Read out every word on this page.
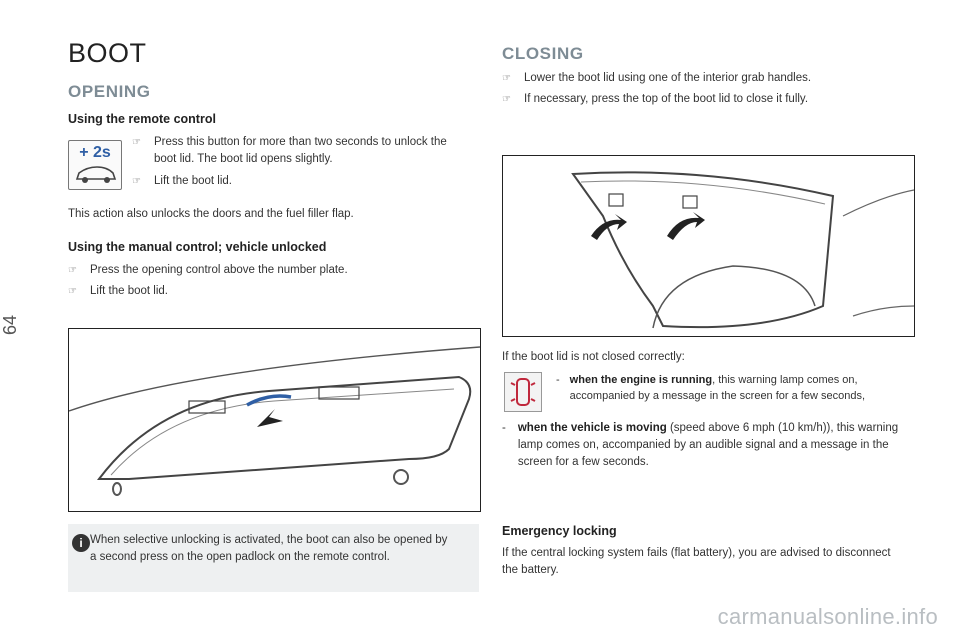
64
BOOT
OPENING
Using the remote control
+ 2s
☞ Press this button for more than two seconds to unlock the boot lid. The boot lid opens slightly.
☞ Lift the boot lid.
This action also unlocks the doors and the fuel filler flap.
Using the manual control; vehicle unlocked
☞ Press the opening control above the number plate.
☞ Lift the boot lid.
i When selective unlocking is activated, the boot can also be opened by a second press on the open padlock on the remote control.
CLOSING
☞ Lower the boot lid using one of the interior grab handles.
☞ If necessary, press the top of the boot lid to close it fully.
If the boot lid is not closed correctly:
- when the engine is running, this warning lamp comes on, accompanied by a message in the screen for a few seconds,
- when the vehicle is moving (speed above 6 mph (10 km/h)), this warning lamp comes on, accompanied by an audible signal and a message in the screen for a few seconds.
Emergency locking
If the central locking system fails (flat battery), you are advised to disconnect the battery.
carmanualsonline.info
